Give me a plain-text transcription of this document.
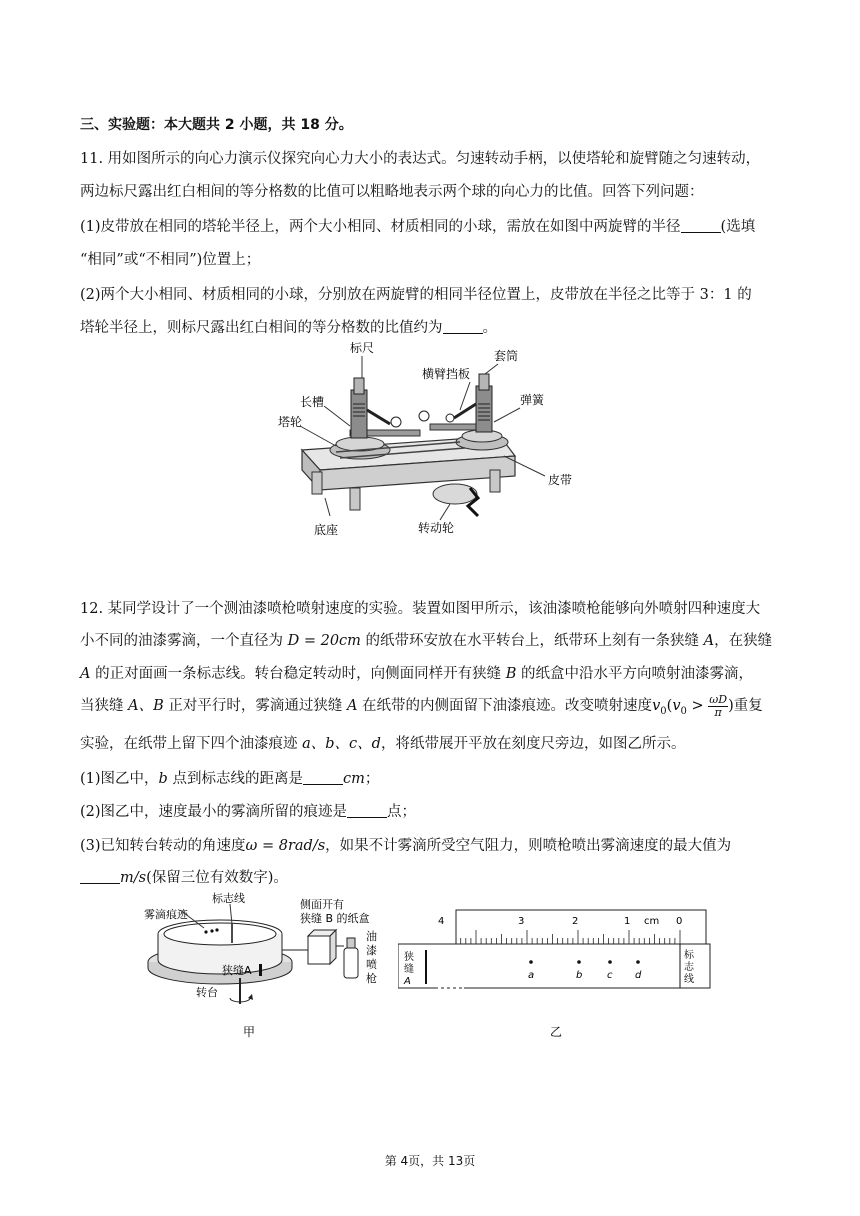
三、实验题：本大题共 2 小题，共 18 分。
11. 用如图所示的向心力演示仪探究向心力大小的表达式。匀速转动手柄，以使塔轮和旋臂随之匀速转动，
两边标尺露出红白相间的等分格数的比值可以粗略地表示两个球的向心力的比值。回答下列问题：
(1)皮带放在相同的塔轮半径上，两个大小相同、材质相同的小球，需放在如图中两旋臂的半径	(选填
“相同”或“不相同”)位置上；
(2)两个大小相同、材质相同的小球，分别放在两旋臂的相同半径位置上，皮带放在半径之比等于 3：1 的
塔轮半径上，则标尺露出红白相间的等分格数的比值约为	。
标尺
套筒
横臂挡板
长槽	弹簧
塔轮
皮带
底座	转动轮
12. 某同学设计了一个测油漆喷枪喷射速度的实验。装置如图甲所示，该油漆喷枪能够向外喷射四种速度大
小不同的油漆雾滴，一个直径为 D = 20cm 的纸带环安放在水平转台上，纸带环上刻有一条狭缝 A，在狭缝
A 的正对面画一条标志线。转台稳定转动时，向侧面同样开有狭缝 B 的纸盒中沿水平方向喷射油漆雾滴，
当狭缝 A、B 正对平行时，雾滴通过狭缝 A 在纸带的内侧面留下油漆痕迹。改变喷射速度$v_0(v_0 > \frac{\omega D}{\pi}$ )重复
实验，在纸带上留下四个油漆痕迹 a、b、c、d，将纸带展开平放在刻度尺旁边，如图乙所示。
(1)图乙中，b 点到标志线的距离是	cm；
(2)图乙中，速度最小的雾滴所留的痕迹是	点；
(3)已知转台转动的角速度ω = 8rad/s，如果不计雾滴所受空气阻力，则喷枪喷出雾滴速度的最大值为
m/s(保留三位有效数字)。
标志线
雾滴痕迹
侧面开有
狭缝 B 的纸盒
油
漆
喷
枪
狭缝A
转台
甲
4	3	2	1 cm 0
a	b c d
狭
缝
A
标
志
线
乙
第 4页，共 13页
